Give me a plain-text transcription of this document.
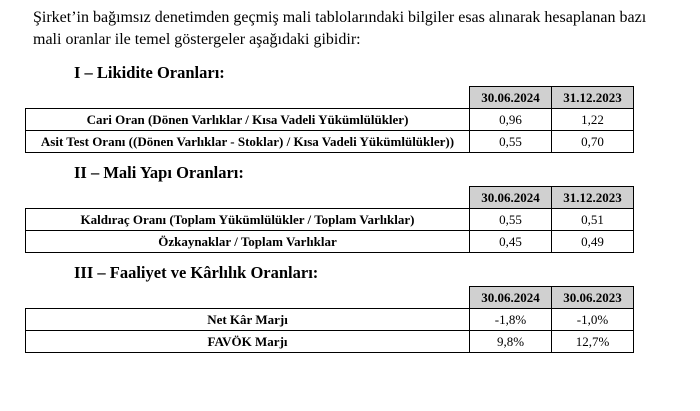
Şirket’in bağımsız denetimden geçmiş mali tablolarındaki bilgiler esas alınarak hesaplanan bazı
mali oranlar ile temel göstergeler aşağıdaki gibidir:
I – Likidite Oranları:
	30.06.2024	31.12.2023
Cari Oran (Dönen Varlıklar / Kısa Vadeli Yükümlülükler)	0,96	1,22
Asit Test Oranı ((Dönen Varlıklar - Stoklar) / Kısa Vadeli Yükümlülükler))	0,55	0,70
II – Mali Yapı Oranları:
	30.06.2024	31.12.2023
Kaldıraç Oranı (Toplam Yükümlülükler / Toplam Varlıklar)	0,55	0,51
Özkaynaklar / Toplam Varlıklar	0,45	0,49
III – Faaliyet ve Kârlılık Oranları:
	30.06.2024	30.06.2023
Net Kâr Marjı	-1,8%	-1,0%
FAVÖK Marjı	9,8%	12,7%
